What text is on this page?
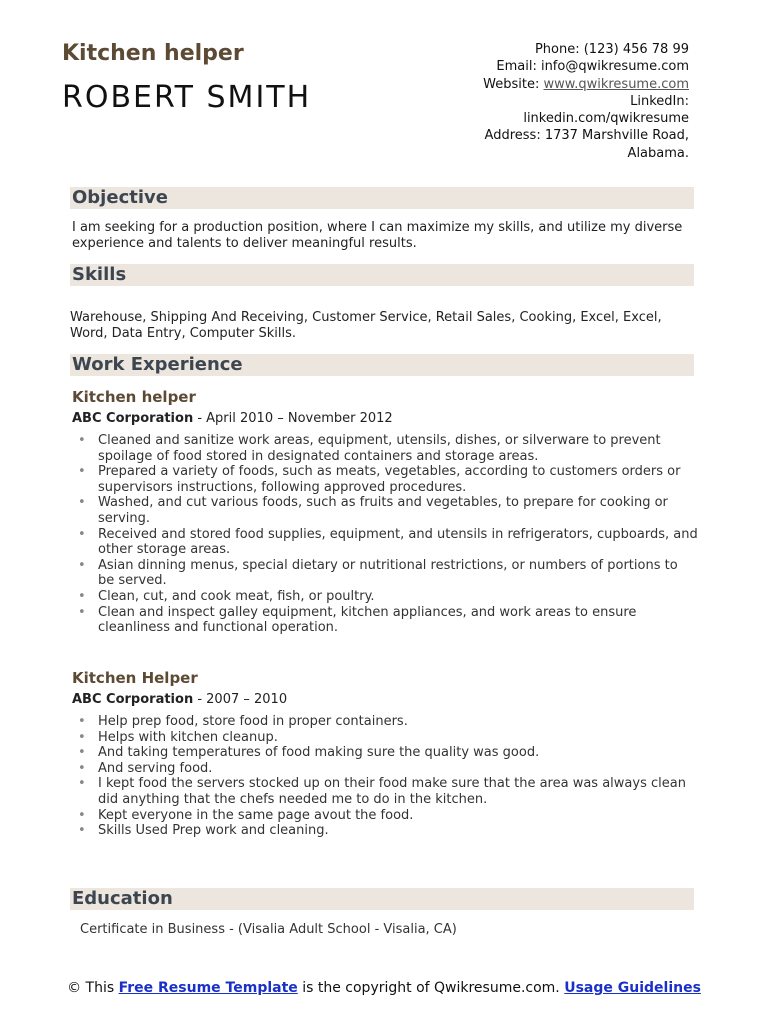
Kitchen helper
ROBERT SMITH
Phone: (123) 456 78 99
Email: info@qwikresume.com
Website: www.qwikresume.com
LinkedIn:
linkedin.com/qwikresume
Address: 1737 Marshville Road,
Alabama.
Objective
I am seeking for a production position, where I can maximize my skills, and utilize my diverse experience and talents to deliver meaningful results.
Skills
Warehouse, Shipping And Receiving, Customer Service, Retail Sales, Cooking, Excel, Excel, Word, Data Entry, Computer Skills.
Work Experience
Kitchen helper
ABC Corporation - April 2010 – November 2012
• Cleaned and sanitize work areas, equipment, utensils, dishes, or silverware to prevent spoilage of food stored in designated containers and storage areas.
• Prepared a variety of foods, such as meats, vegetables, according to customers orders or supervisors instructions, following approved procedures.
• Washed, and cut various foods, such as fruits and vegetables, to prepare for cooking or serving.
• Received and stored food supplies, equipment, and utensils in refrigerators, cupboards, and other storage areas.
• Asian dinning menus, special dietary or nutritional restrictions, or numbers of portions to be served.
• Clean, cut, and cook meat, fish, or poultry.
• Clean and inspect galley equipment, kitchen appliances, and work areas to ensure cleanliness and functional operation.
Kitchen Helper
ABC Corporation - 2007 – 2010
• Help prep food, store food in proper containers.
• Helps with kitchen cleanup.
• And taking temperatures of food making sure the quality was good.
• And serving food.
• I kept food the servers stocked up on their food make sure that the area was always clean did anything that the chefs needed me to do in the kitchen.
• Kept everyone in the same page avout the food.
• Skills Used Prep work and cleaning.
Education
Certificate in Business - (Visalia Adult School - Visalia, CA)
© This Free Resume Template is the copyright of Qwikresume.com. Usage Guidelines
